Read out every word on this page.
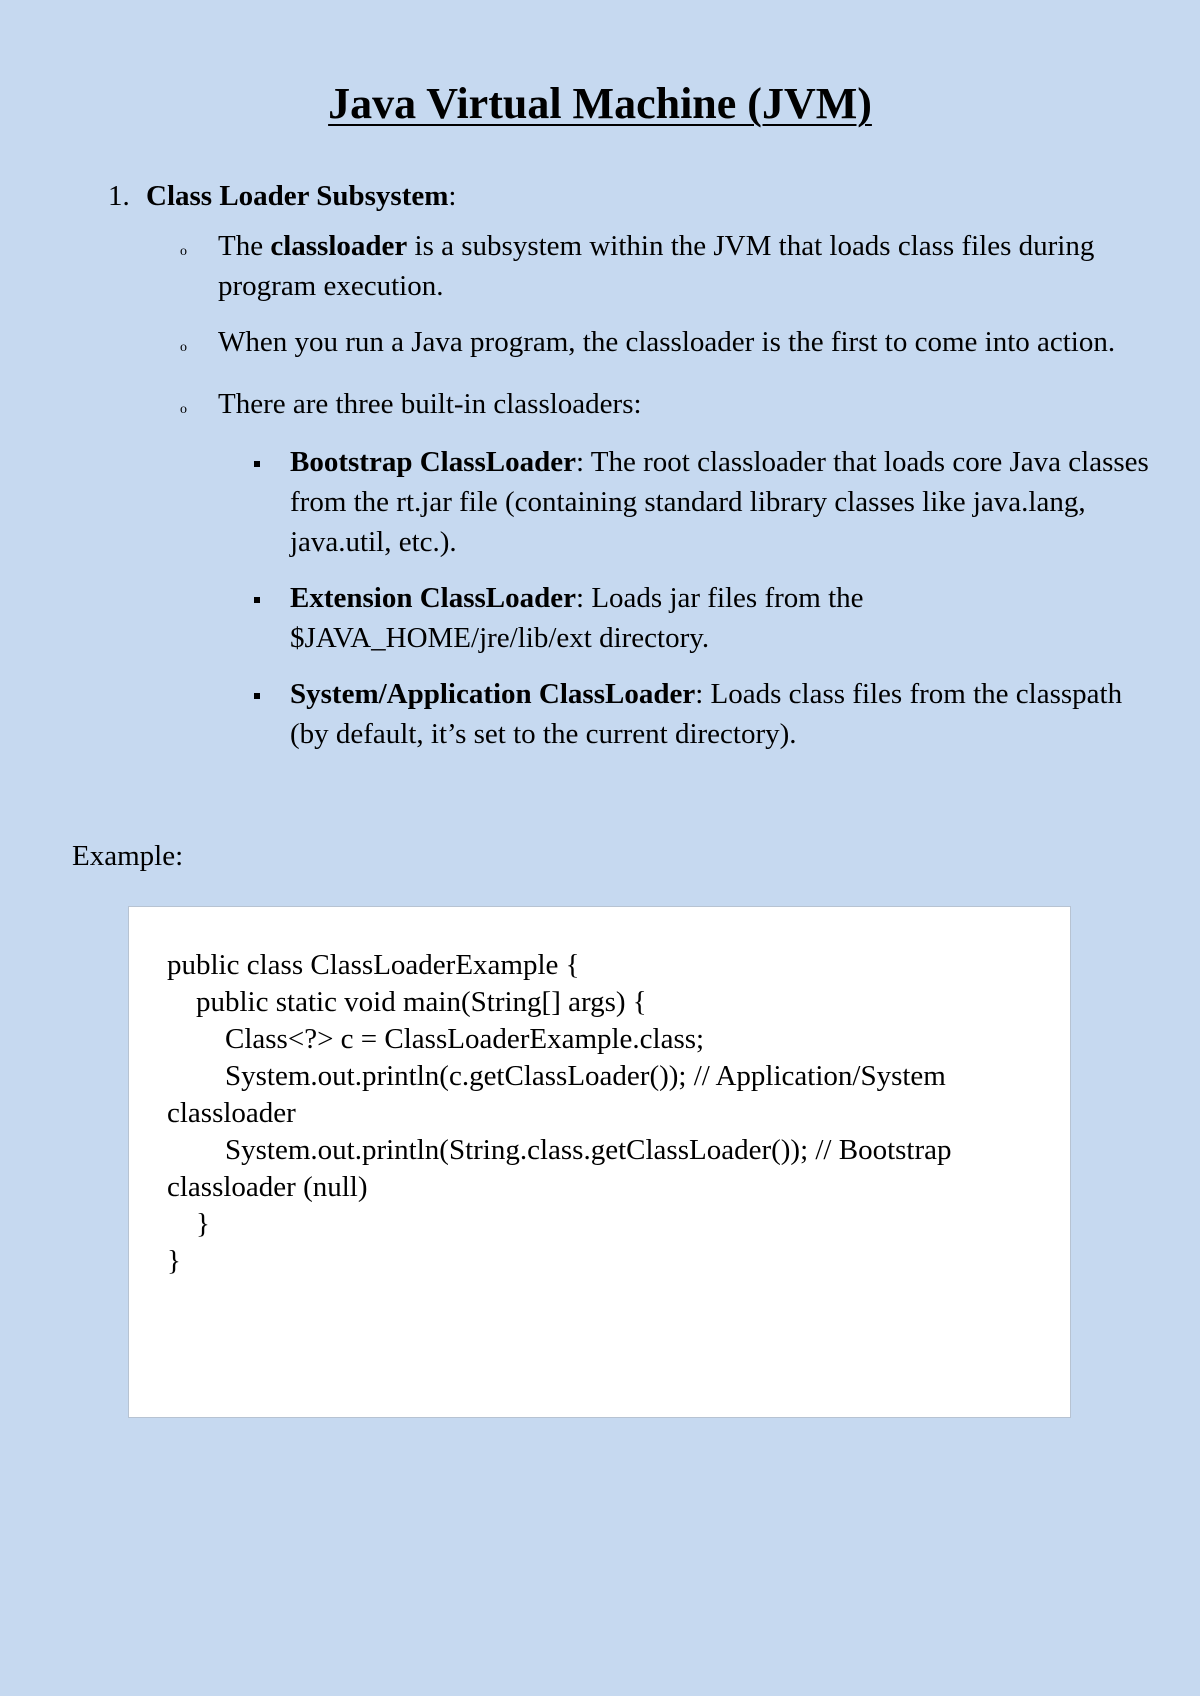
Java Virtual Machine (JVM)
1. Class Loader Subsystem:
o	The classloader is a subsystem within the JVM that loads class files during program execution.
o	When you run a Java program, the classloader is the first to come into action.
o	There are three built-in classloaders:
Bootstrap ClassLoader: The root classloader that loads core Java classes from the rt.jar file (containing standard library classes like java.lang, java.util, etc.).
Extension ClassLoader: Loads jar files from the $JAVA_HOME/jre/lib/ext directory.
System/Application ClassLoader: Loads class files from the classpath (by default, it’s set to the current directory).
Example:
public class ClassLoaderExample {
public static void main(String[] args) {
Class<?> c = ClassLoaderExample.class;
System.out.println(c.getClassLoader()); // Application/System classloader
System.out.println(String.class.getClassLoader()); // Bootstrap classloader (null)
}
}
